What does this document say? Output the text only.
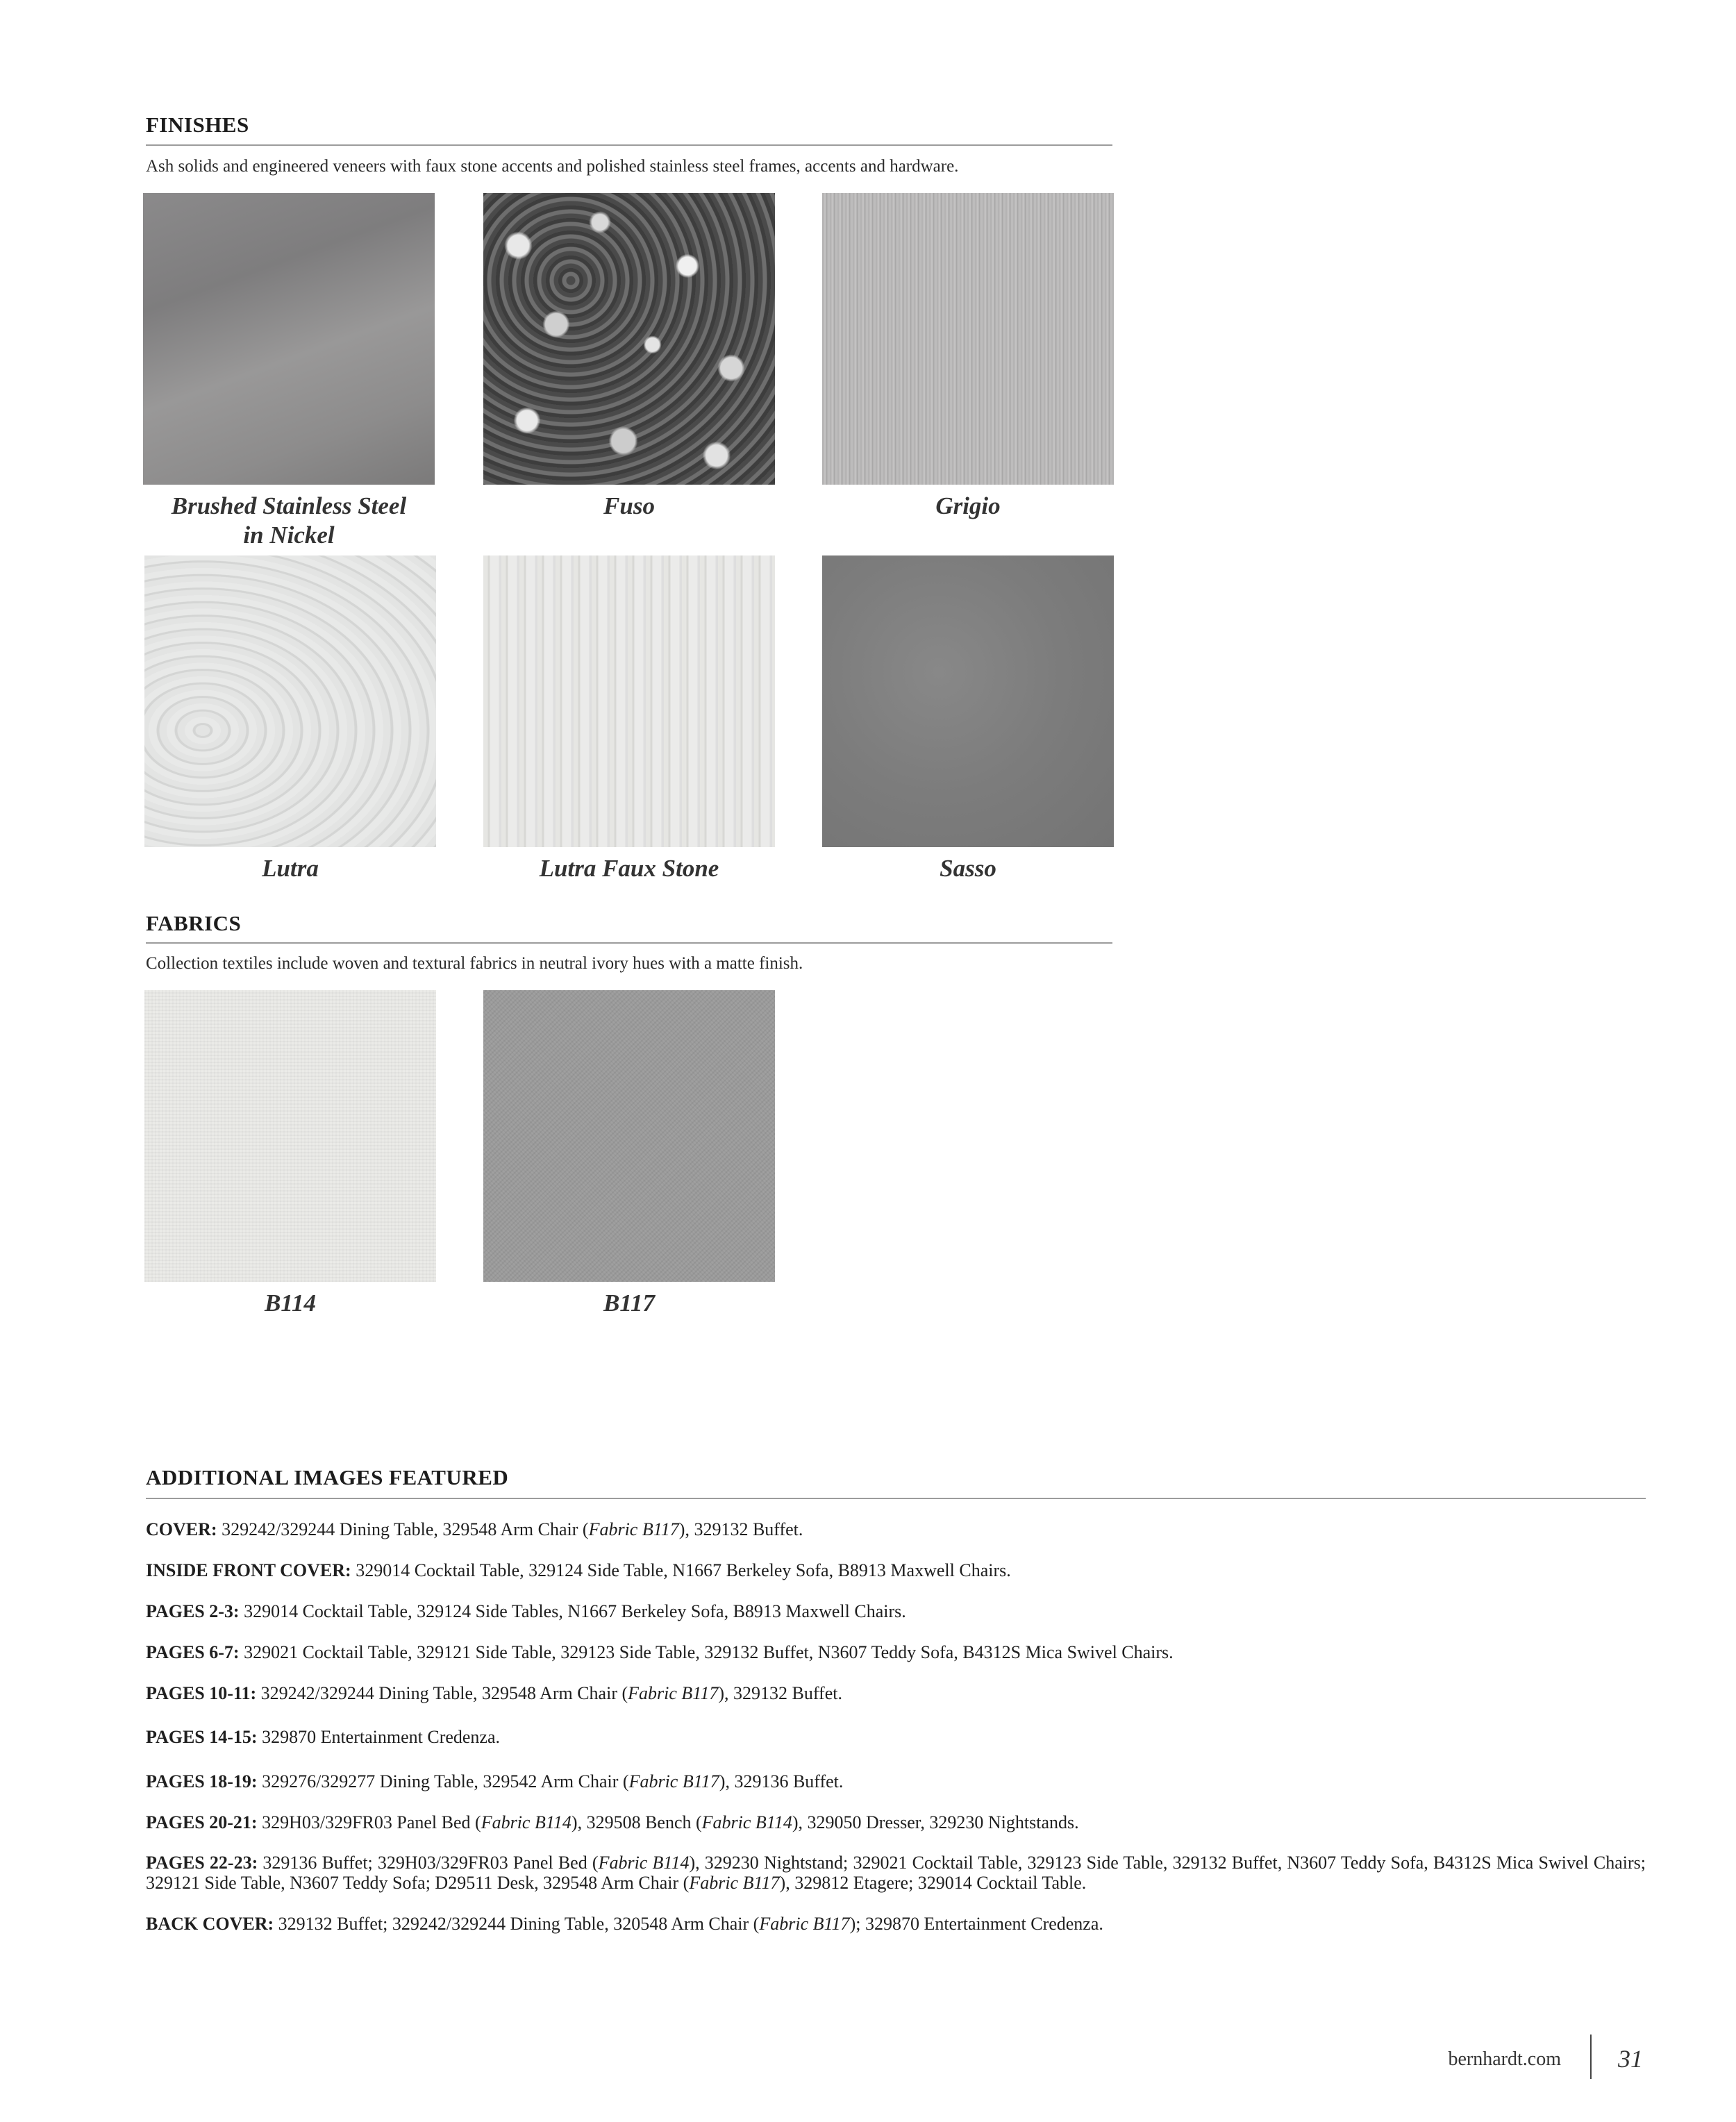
FINISHES
Ash solids and engineered veneers with faux stone accents and polished stainless steel frames, accents and hardware.
Brushed Stainless Steel
in Nickel
Fuso	Grigio
Lutra	Lutra Faux Stone	Sasso
FABRICS
Collection textiles include woven and textural fabrics in neutral ivory hues with a matte finish.
B114	B117
ADDITIONAL IMAGES FEATURED
COVER: 329242/329244 Dining Table, 329548 Arm Chair (Fabric B117), 329132 Buffet.
INSIDE FRONT COVER: 329014 Cocktail Table, 329124 Side Table, N1667 Berkeley Sofa, B8913 Maxwell Chairs.
PAGES 2-3: 329014 Cocktail Table, 329124 Side Tables, N1667 Berkeley Sofa, B8913 Maxwell Chairs.
PAGES 6-7: 329021 Cocktail Table, 329121 Side Table, 329123 Side Table, 329132 Buffet, N3607 Teddy Sofa, B4312S Mica Swivel Chairs.
PAGES 10-11: 329242/329244 Dining Table, 329548 Arm Chair (Fabric B117), 329132 Buffet.
PAGES 14-15: 329870 Entertainment Credenza.
PAGES 18-19: 329276/329277 Dining Table, 329542 Arm Chair (Fabric B117), 329136 Buffet.
PAGES 20-21: 329H03/329FR03 Panel Bed (Fabric B114), 329508 Bench (Fabric B114), 329050 Dresser, 329230 Nightstands.
PAGES 22-23: 329136 Buffet; 329H03/329FR03 Panel Bed (Fabric B114), 329230 Nightstand; 329021 Cocktail Table, 329123 Side Table, 329132 Buffet, N3607 Teddy Sofa, B4312S Mica Swivel Chairs; 329121 Side Table, N3607 Teddy Sofa; D29511 Desk, 329548 Arm Chair (Fabric B117), 329812 Etagere; 329014 Cocktail Table.
BACK COVER: 329132 Buffet; 329242/329244 Dining Table, 320548 Arm Chair (Fabric B117); 329870 Entertainment Credenza.
bernhardt.com 31
